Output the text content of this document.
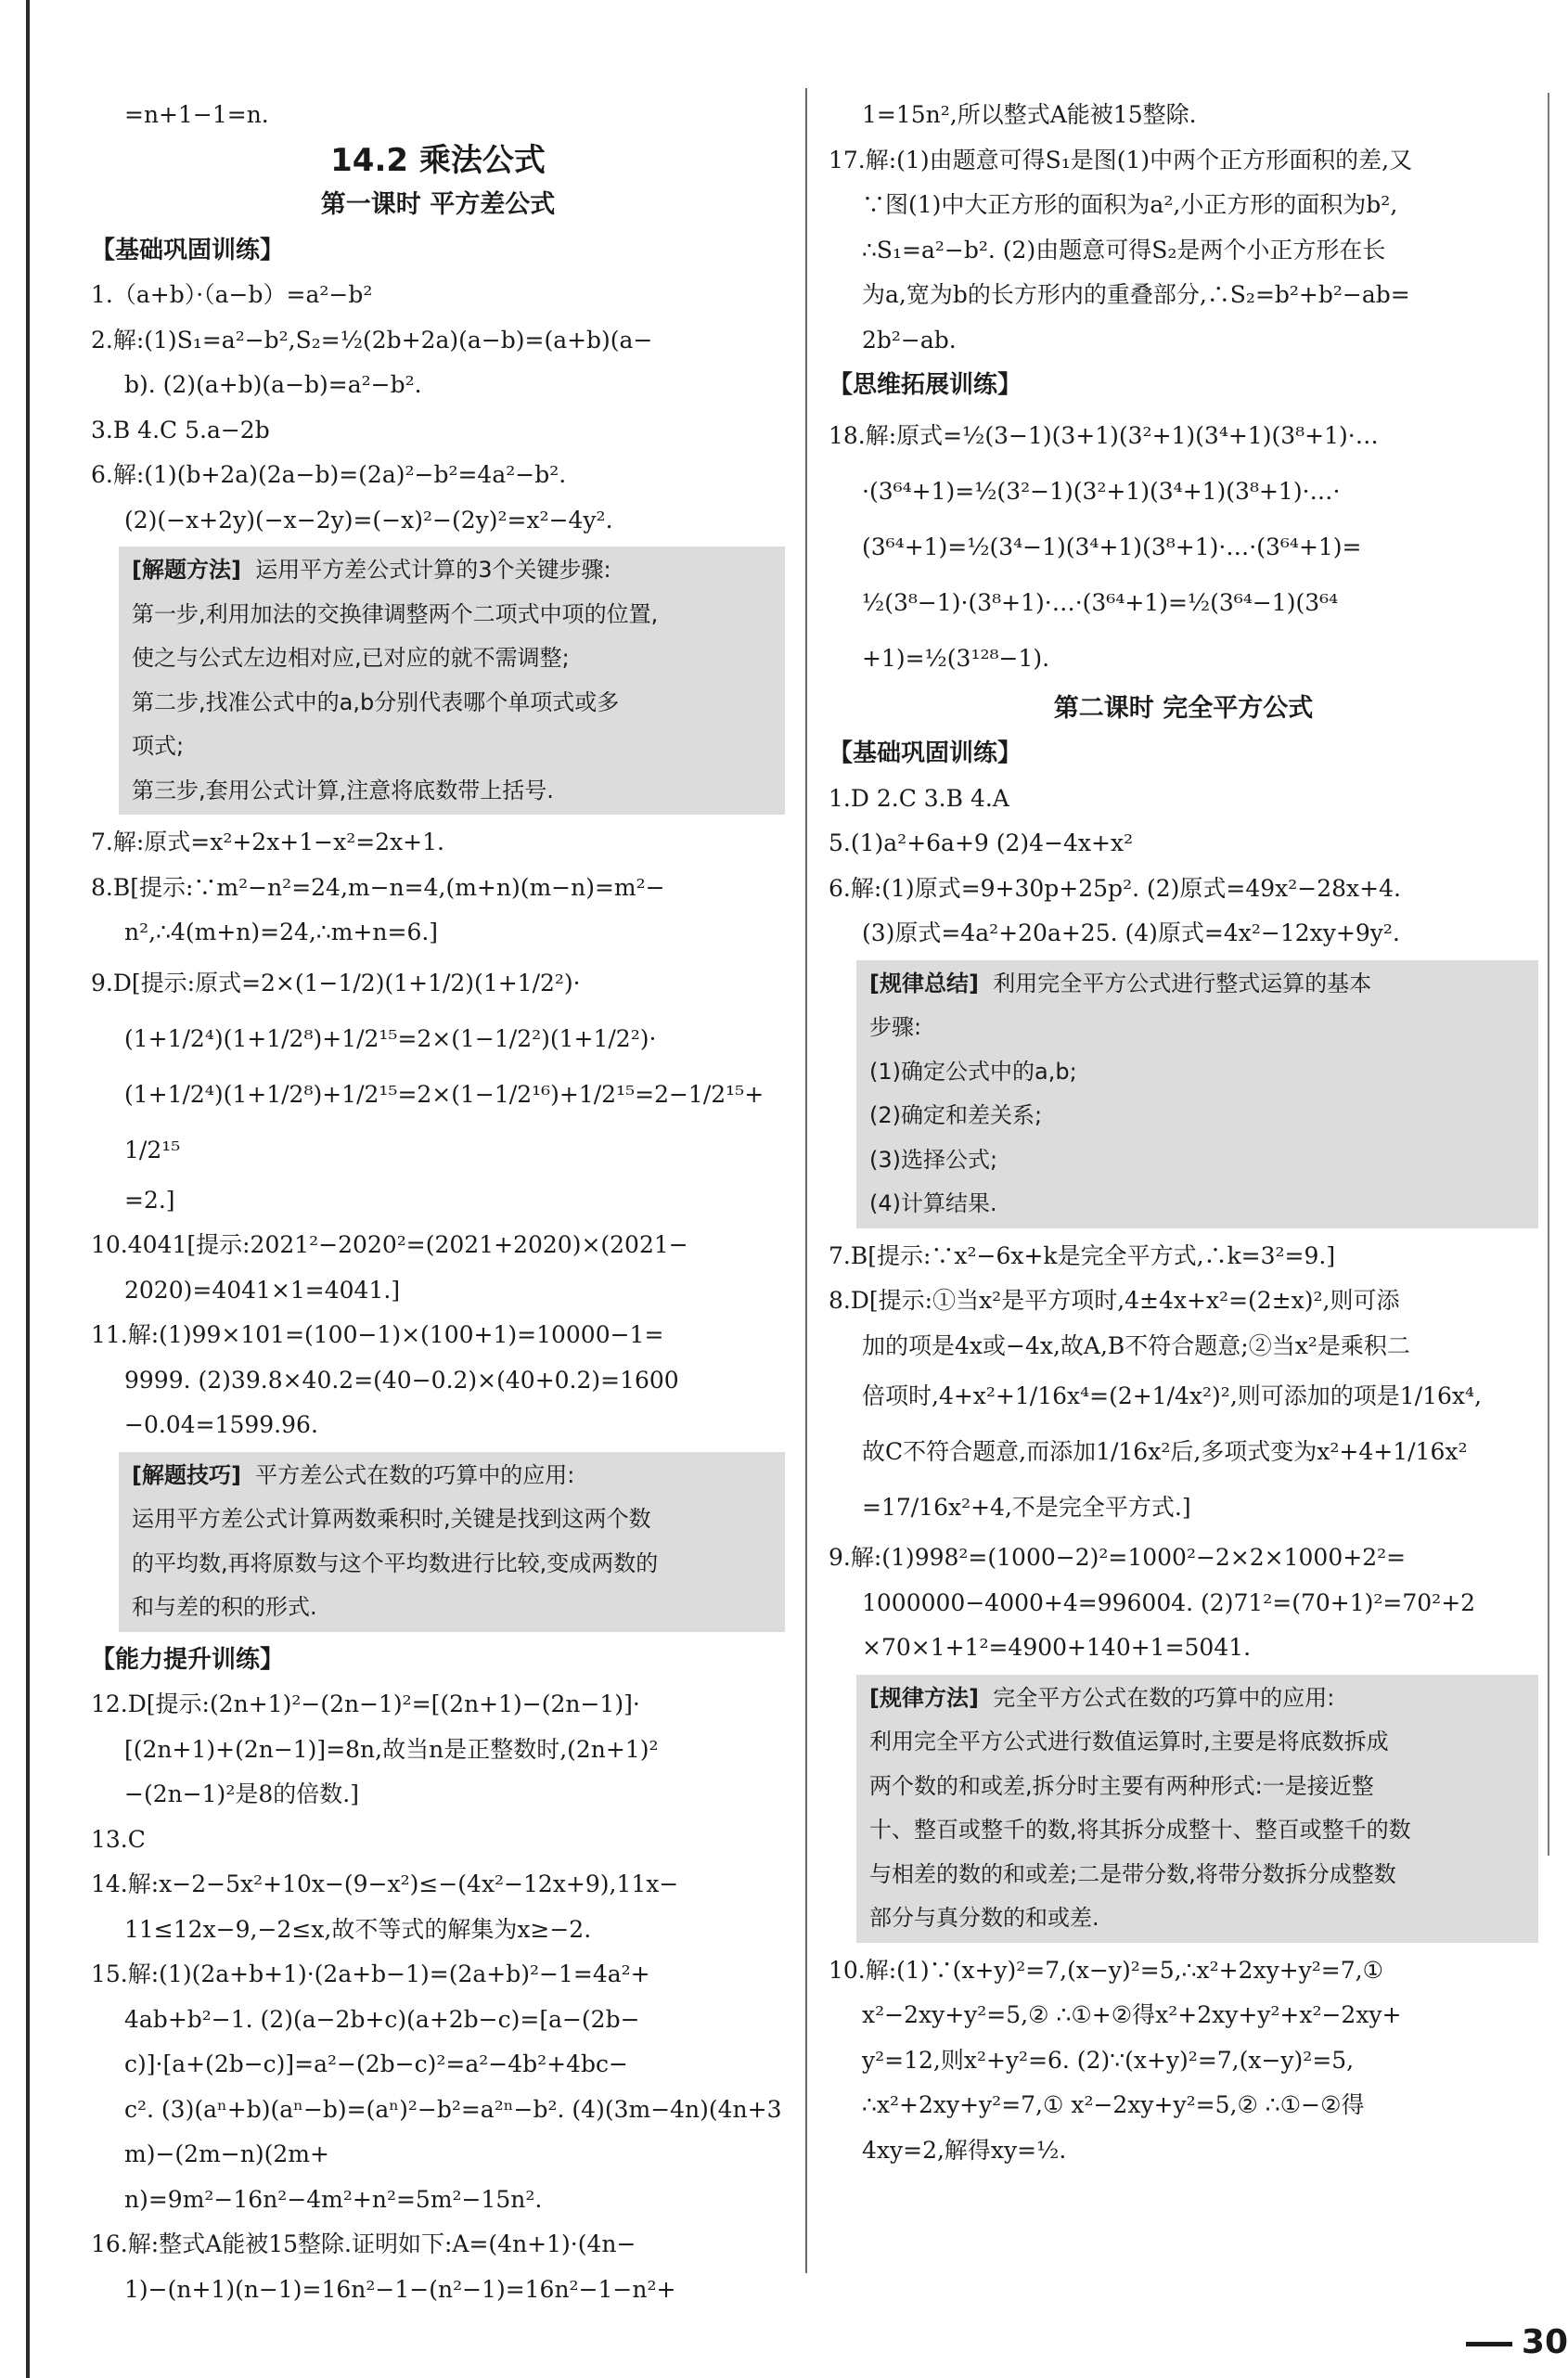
=n+1−1=n.
14.2 乘法公式
第一课时 平方差公式
【基础巩固训练】
1.（a+b）·（a−b）=a²−b²
2.解:(1)S₁=a²−b²,S₂=½(2b+2a)(a−b)=(a+b)(a−
b). (2)(a+b)(a−b)=a²−b².
3.B 4.C 5.a−2b
6.解:(1)(b+2a)(2a−b)=(2a)²−b²=4a²−b².
(2)(−x+2y)(−x−2y)=(−x)²−(2y)²=x²−4y².
[解题方法] 运用平方差公式计算的3个关键步骤:
第一步,利用加法的交换律调整两个二项式中项的位置,
使之与公式左边相对应,已对应的就不需调整;
第二步,找准公式中的a,b分别代表哪个单项式或多
项式;
第三步,套用公式计算,注意将底数带上括号.
7.解:原式=x²+2x+1−x²=2x+1.
8.B[提示:∵m²−n²=24,m−n=4,(m+n)(m−n)=m²−
n²,∴4(m+n)=24,∴m+n=6.]
9.D[提示:原式=2×(1−1/2)(1+1/2)(1+1/2²)·
(1+1/2⁴)(1+1/2⁸)+1/2¹⁵=2×(1−1/2²)(1+1/2²)·
(1+1/2⁴)(1+1/2⁸)+1/2¹⁵=2×(1−1/2¹⁶)+1/2¹⁵=2−1/2¹⁵+1/2¹⁵
=2.]
10.4041[提示:2021²−2020²=(2021+2020)×(2021−
2020)=4041×1=4041.]
11.解:(1)99×101=(100−1)×(100+1)=10000−1=
9999. (2)39.8×40.2=(40−0.2)×(40+0.2)=1600
−0.04=1599.96.
[解题技巧] 平方差公式在数的巧算中的应用:
运用平方差公式计算两数乘积时,关键是找到这两个数
的平均数,再将原数与这个平均数进行比较,变成两数的
和与差的积的形式.
【能力提升训练】
12.D[提示:(2n+1)²−(2n−1)²=[(2n+1)−(2n−1)]·
[(2n+1)+(2n−1)]=8n,故当n是正整数时,(2n+1)²
−(2n−1)²是8的倍数.]
13.C
14.解:x−2−5x²+10x−(9−x²)≤−(4x²−12x+9),11x−
11≤12x−9,−2≤x,故不等式的解集为x≥−2.
15.解:(1)(2a+b+1)·(2a+b−1)=(2a+b)²−1=4a²+
4ab+b²−1. (2)(a−2b+c)(a+2b−c)=[a−(2b−
c)]·[a+(2b−c)]=a²−(2b−c)²=a²−4b²+4bc−
c². (3)(aⁿ+b)(aⁿ−b)=(aⁿ)²−b²=a²ⁿ−b². (4)(3m−4n)(4n+3m)−(2m−n)(2m+
n)=9m²−16n²−4m²+n²=5m²−15n².
16.解:整式A能被15整除.证明如下:A=(4n+1)·(4n−
1)−(n+1)(n−1)=16n²−1−(n²−1)=16n²−1−n²+
1=15n²,所以整式A能被15整除.
17.解:(1)由题意可得S₁是图(1)中两个正方形面积的差,又
∵图(1)中大正方形的面积为a²,小正方形的面积为b²,
∴S₁=a²−b². (2)由题意可得S₂是两个小正方形在长
为a,宽为b的长方形内的重叠部分,∴S₂=b²+b²−ab=
2b²−ab.
【思维拓展训练】
18.解:原式=½(3−1)(3+1)(3²+1)(3⁴+1)(3⁸+1)·…
·(3⁶⁴+1)=½(3²−1)(3²+1)(3⁴+1)(3⁸+1)·…·
(3⁶⁴+1)=½(3⁴−1)(3⁴+1)(3⁸+1)·…·(3⁶⁴+1)=
½(3⁸−1)·(3⁸+1)·…·(3⁶⁴+1)=½(3⁶⁴−1)(3⁶⁴
+1)=½(3¹²⁸−1).
第二课时 完全平方公式
【基础巩固训练】
1.D 2.C 3.B 4.A
5.(1)a²+6a+9 (2)4−4x+x²
6.解:(1)原式=9+30p+25p². (2)原式=49x²−28x+4.
(3)原式=4a²+20a+25. (4)原式=4x²−12xy+9y².
[规律总结] 利用完全平方公式进行整式运算的基本
步骤:
(1)确定公式中的a,b;
(2)确定和差关系;
(3)选择公式;
(4)计算结果.
7.B[提示:∵x²−6x+k是完全平方式,∴k=3²=9.]
8.D[提示:①当x²是平方项时,4±4x+x²=(2±x)²,则可添
加的项是4x或−4x,故A,B不符合题意;②当x²是乘积二
倍项时,4+x²+1/16x⁴=(2+1/4x²)²,则可添加的项是1/16x⁴,
故C不符合题意,而添加1/16x²后,多项式变为x²+4+1/16x²
=17/16x²+4,不是完全平方式.]
9.解:(1)998²=(1000−2)²=1000²−2×2×1000+2²=
1000000−4000+4=996004. (2)71²=(70+1)²=70²+2
×70×1+1²=4900+140+1=5041.
[规律方法] 完全平方公式在数的巧算中的应用:
利用完全平方公式进行数值运算时,主要是将底数拆成
两个数的和或差,拆分时主要有两种形式:一是接近整
十、整百或整千的数,将其拆分成整十、整百或整千的数
与相差的数的和或差;二是带分数,将带分数拆分成整数
部分与真分数的和或差.
10.解:(1)∵(x+y)²=7,(x−y)²=5,∴x²+2xy+y²=7,①
x²−2xy+y²=5,② ∴①+②得x²+2xy+y²+x²−2xy+
y²=12,则x²+y²=6. (2)∵(x+y)²=7,(x−y)²=5,
∴x²+2xy+y²=7,① x²−2xy+y²=5,② ∴①−②得
4xy=2,解得xy=½.
30
